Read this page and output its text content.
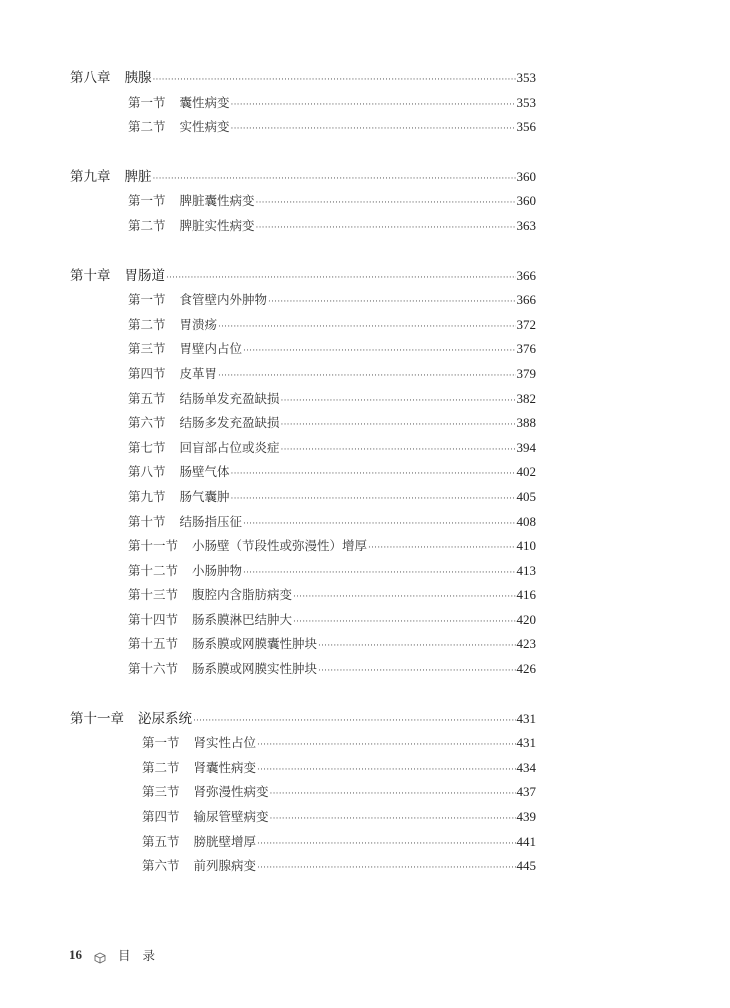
第八章 胰腺 ·····	353
第一节 囊性病变 ·····	353
第二节 实性病变 ·····	356
第九章 脾脏 ·····	360
第一节 脾脏囊性病变 ·····	360
第二节 脾脏实性病变 ·····	363
第十章 胃肠道 ·····	366
第一节 食管壁内外肿物 ·····	366
第二节 胃溃疡 ·····	372
第三节 胃壁内占位 ·····	376
第四节 皮革胃 ·····	379
第五节 结肠单发充盈缺损 ·····	382
第六节 结肠多发充盈缺损 ·····	388
第七节 回盲部占位或炎症 ·····	394
第八节 肠壁气体 ·····	402
第九节 肠气囊肿 ·····	405
第十节 结肠指压征 ·····	408
第十一节 小肠壁（节段性或弥漫性）增厚 ·····	410
第十二节 小肠肿物 ·····	413
第十三节 腹腔内含脂肪病变 ·····	416
第十四节 肠系膜淋巴结肿大 ·····	420
第十五节 肠系膜或网膜囊性肿块 ·····	423
第十六节 肠系膜或网膜实性肿块 ·····	426
第十一章 泌尿系统 ·····	431
第一节 肾实性占位 ·····	431
第二节 肾囊性病变 ·····	434
第三节 肾弥漫性病变 ·····	437
第四节 输尿管壁病变 ·····	439
第五节 膀胱壁增厚 ·····	441
第六节 前列腺病变 ·····	445
16	目 录
